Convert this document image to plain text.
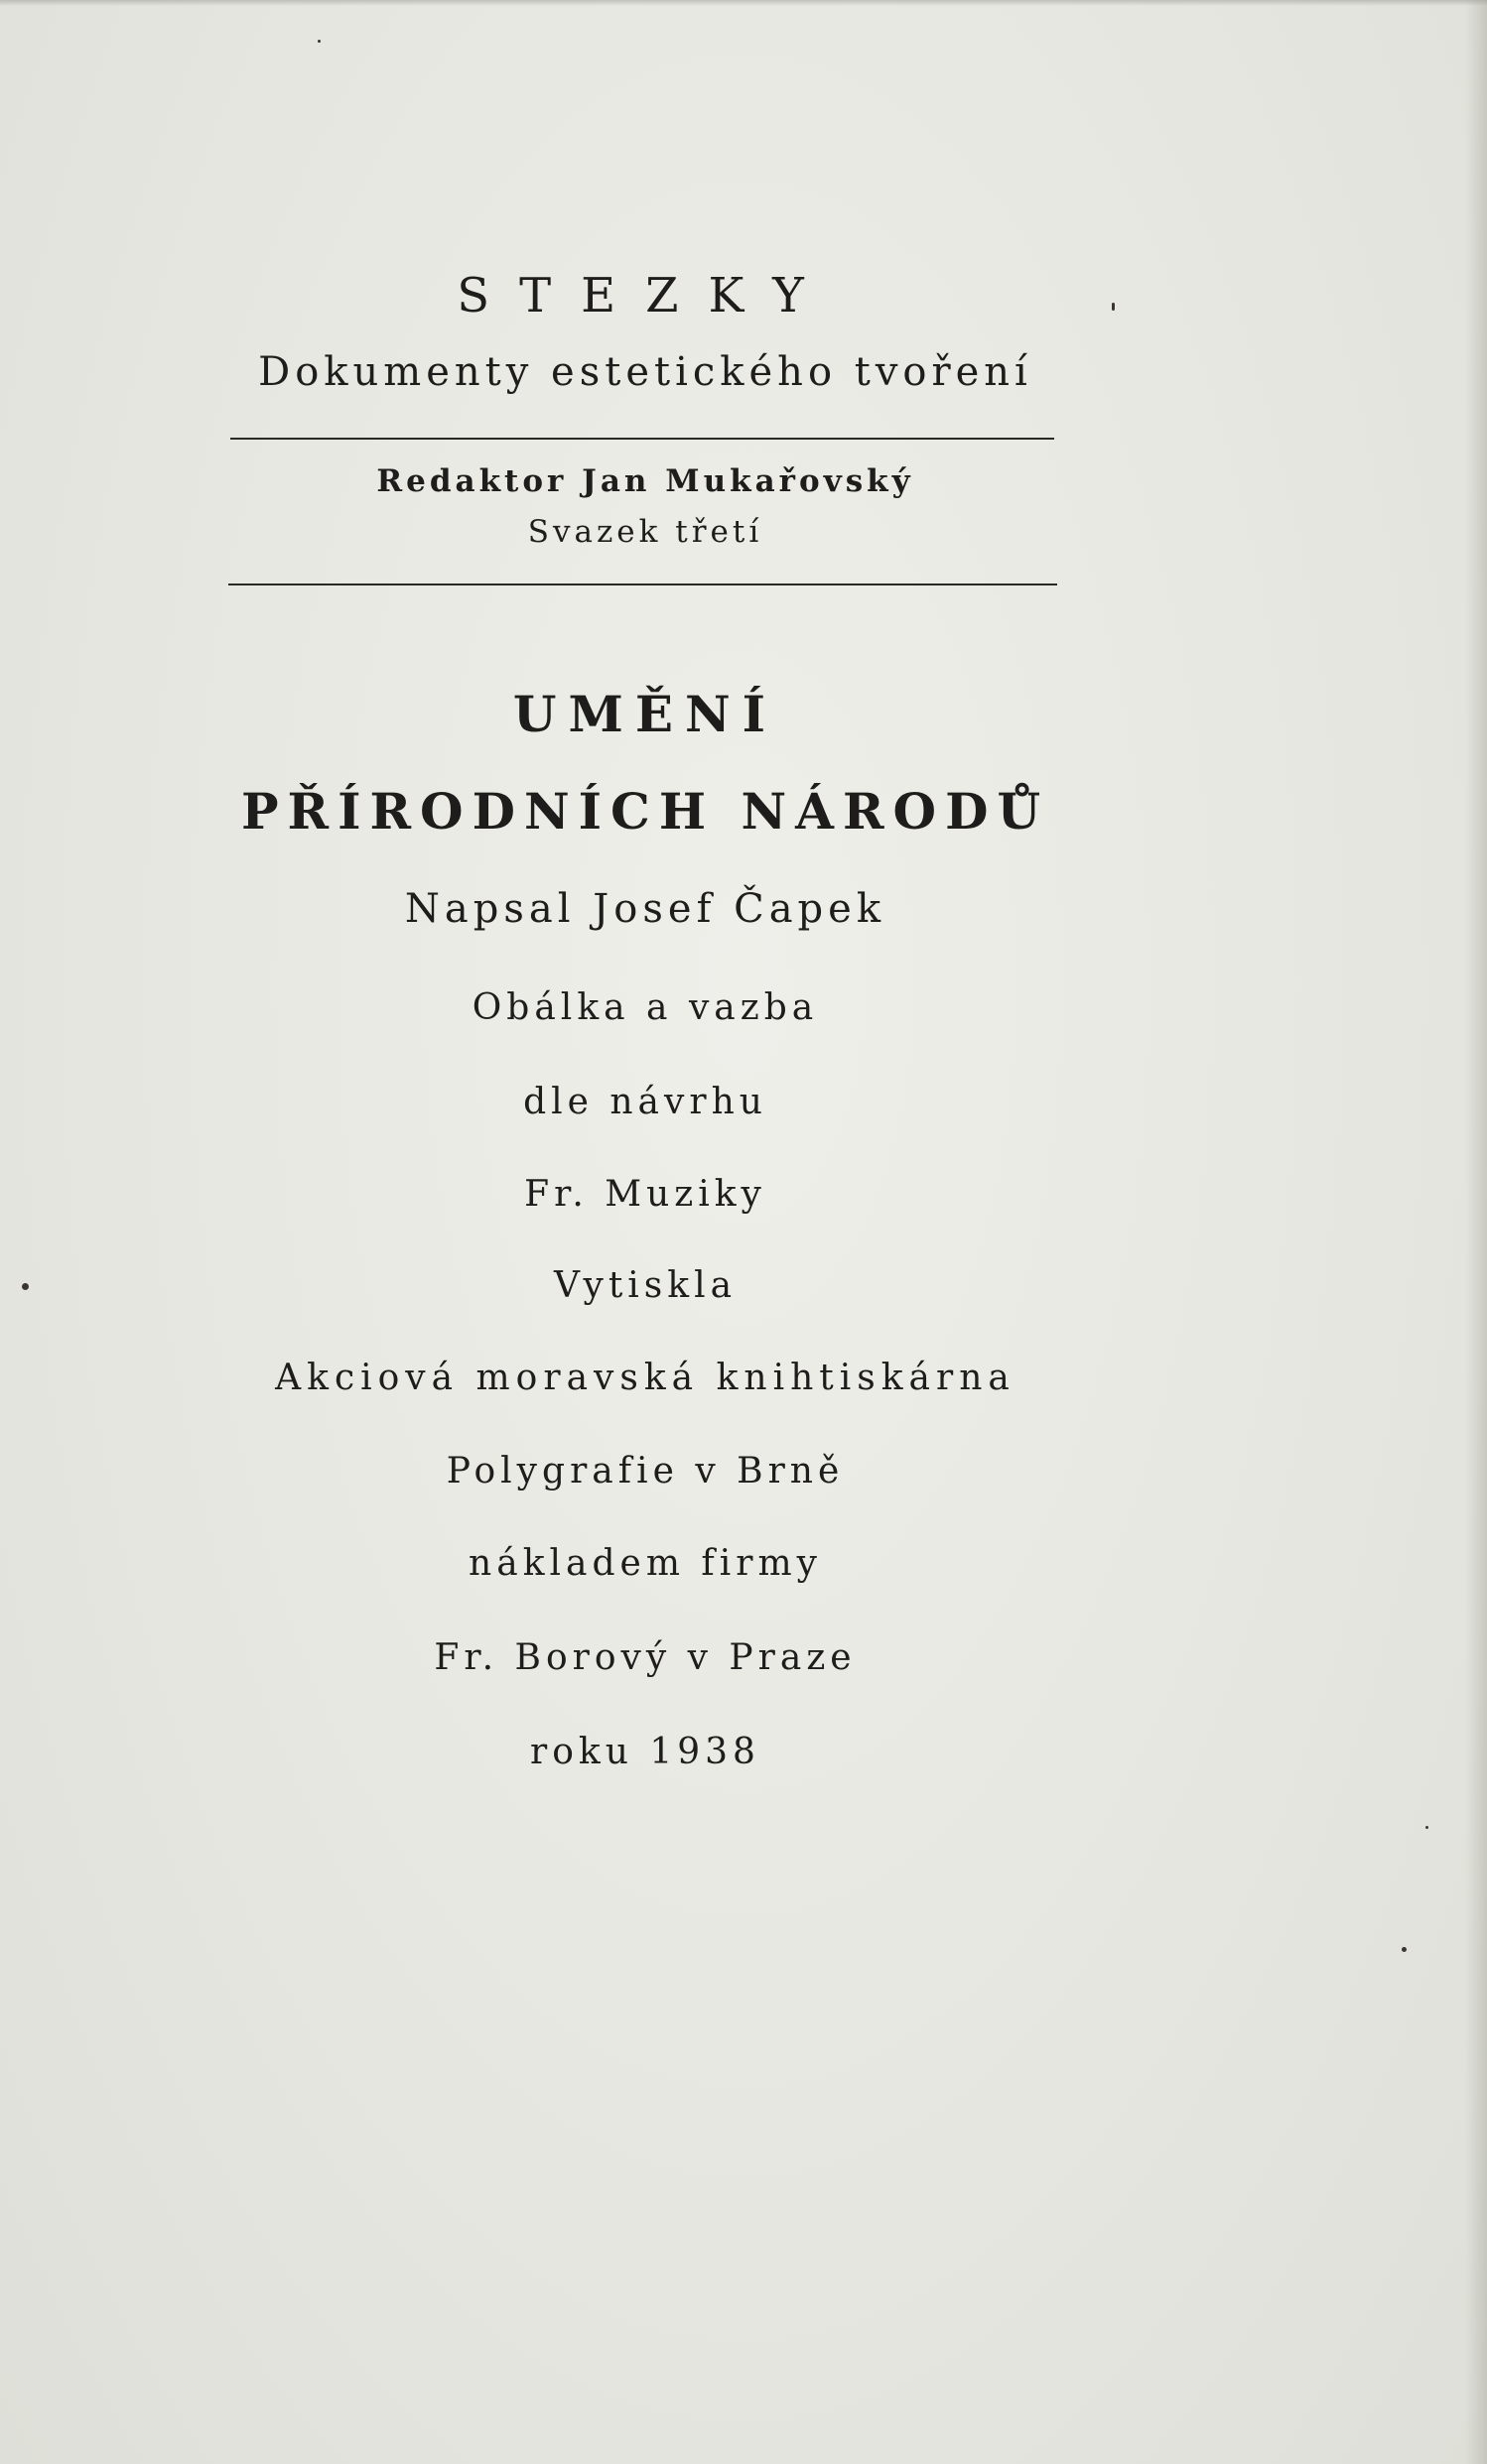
STEZKY
Dokumenty estetického tvoření
Redaktor Jan Mukařovský
Svazek třetí
UMĚNÍ
PŘÍRODNÍCH NÁRODŮ
Napsal Josef Čapek
Obálka a vazba
dle návrhu
Fr. Muziky
Vytiskla
Akciová moravská knihtiskárna
Polygrafie v Brně
nákladem firmy
Fr. Borový v Praze
roku 1938
